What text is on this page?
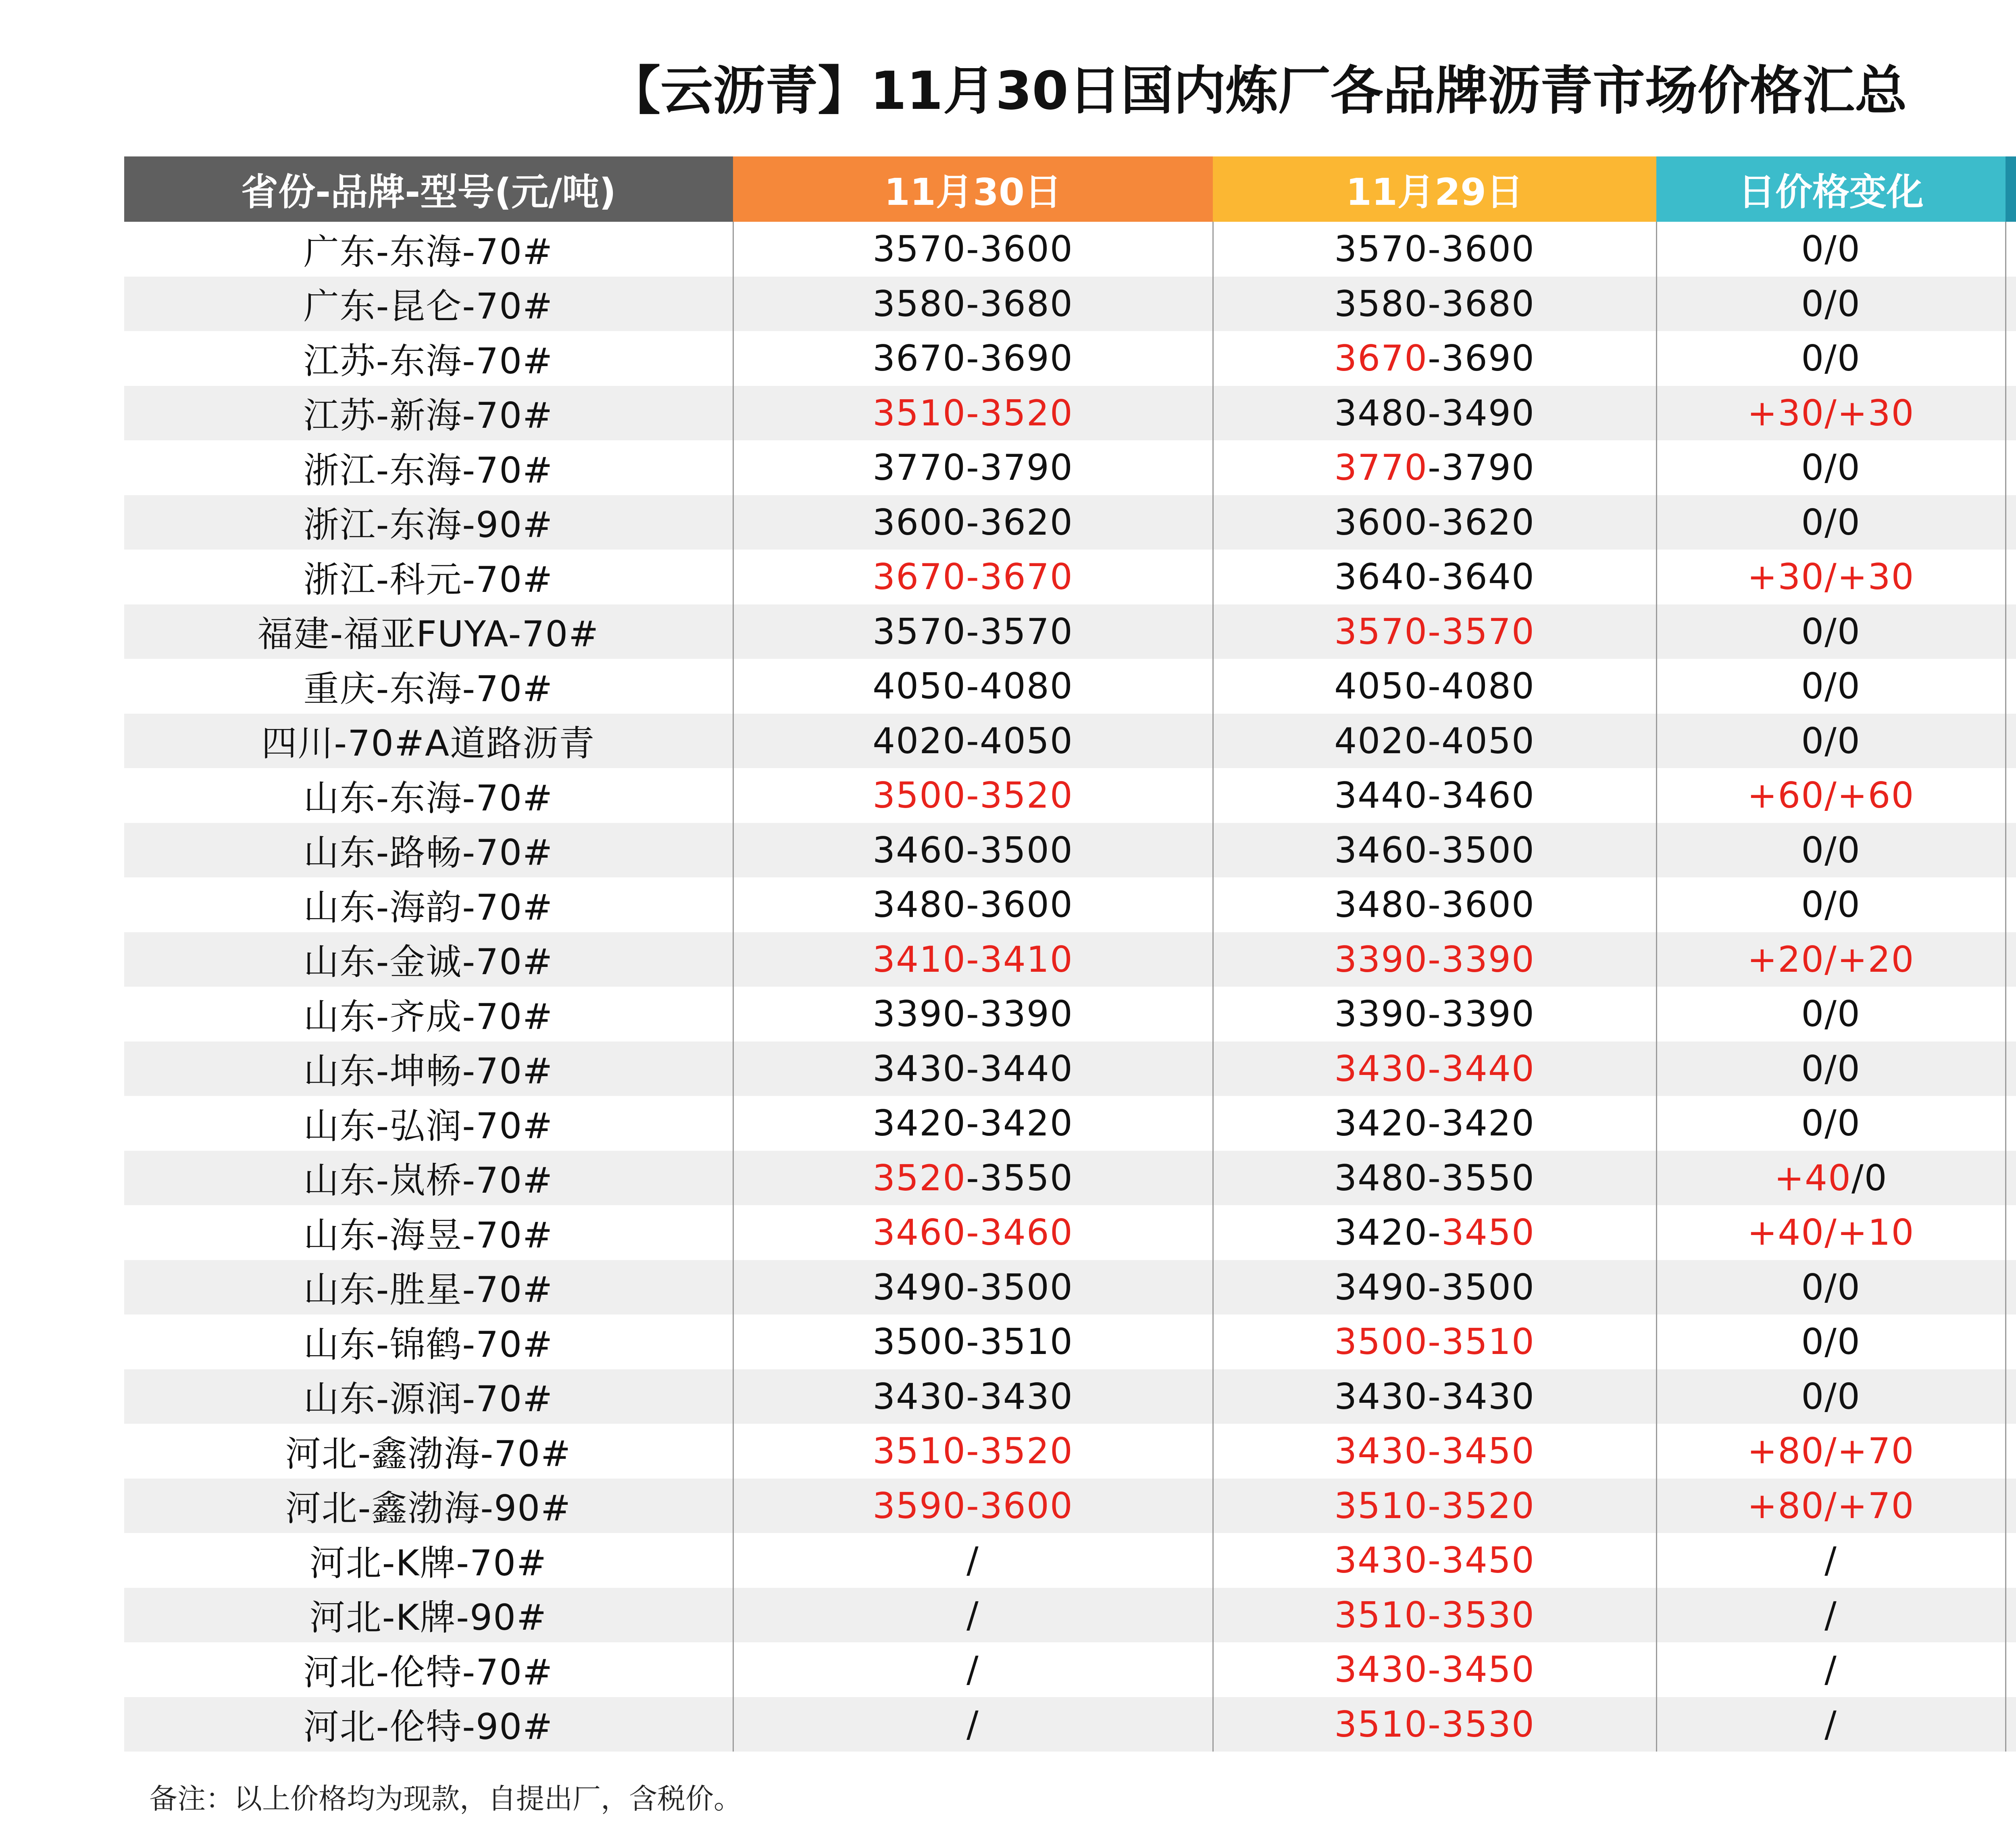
【云沥青】11月30日国内炼厂各品牌沥青市场价格汇总
省份-品牌-型号(元/吨)	11月30日	11月29日	日价格变化	
广东-东海-70#	3570-3600	3570-3600	0/0	
广东-昆仑-70#	3580-3680	3580-3680	0/0	
江苏-东海-70#	3670-3690	3670-3690	0/0	
江苏-新海-70#	3510-3520	3480-3490	+30/+30	
浙江-东海-70#	3770-3790	3770-3790	0/0	
浙江-东海-90#	3600-3620	3600-3620	0/0	
浙江-科元-70#	3670-3670	3640-3640	+30/+30	
福建-福亚FUYA-70#	3570-3570	3570-3570	0/0	
重庆-东海-70#	4050-4080	4050-4080	0/0	
四川-70#A道路沥青	4020-4050	4020-4050	0/0	
山东-东海-70#	3500-3520	3440-3460	+60/+60	
山东-路畅-70#	3460-3500	3460-3500	0/0	
山东-海韵-70#	3480-3600	3480-3600	0/0	
山东-金诚-70#	3410-3410	3390-3390	+20/+20	
山东-齐成-70#	3390-3390	3390-3390	0/0	
山东-坤畅-70#	3430-3440	3430-3440	0/0	
山东-弘润-70#	3420-3420	3420-3420	0/0	
山东-岚桥-70#	3520-3550	3480-3550	+40/0	
山东-海昱-70#	3460-3460	3420-3450	+40/+10	
山东-胜星-70#	3490-3500	3490-3500	0/0	
山东-锦鹤-70#	3500-3510	3500-3510	0/0	
山东-源润-70#	3430-3430	3430-3430	0/0	
河北-鑫渤海-70#	3510-3520	3430-3450	+80/+70	
河北-鑫渤海-90#	3590-3600	3510-3520	+80/+70	
河北-K牌-70#	/	3430-3450	/	
河北-K牌-90#	/	3510-3530	/	
河北-伦特-70#	/	3430-3450	/	
河北-伦特-90#	/	3510-3530	/	
备注：以上价格均为现款，自提出厂，含税价。
